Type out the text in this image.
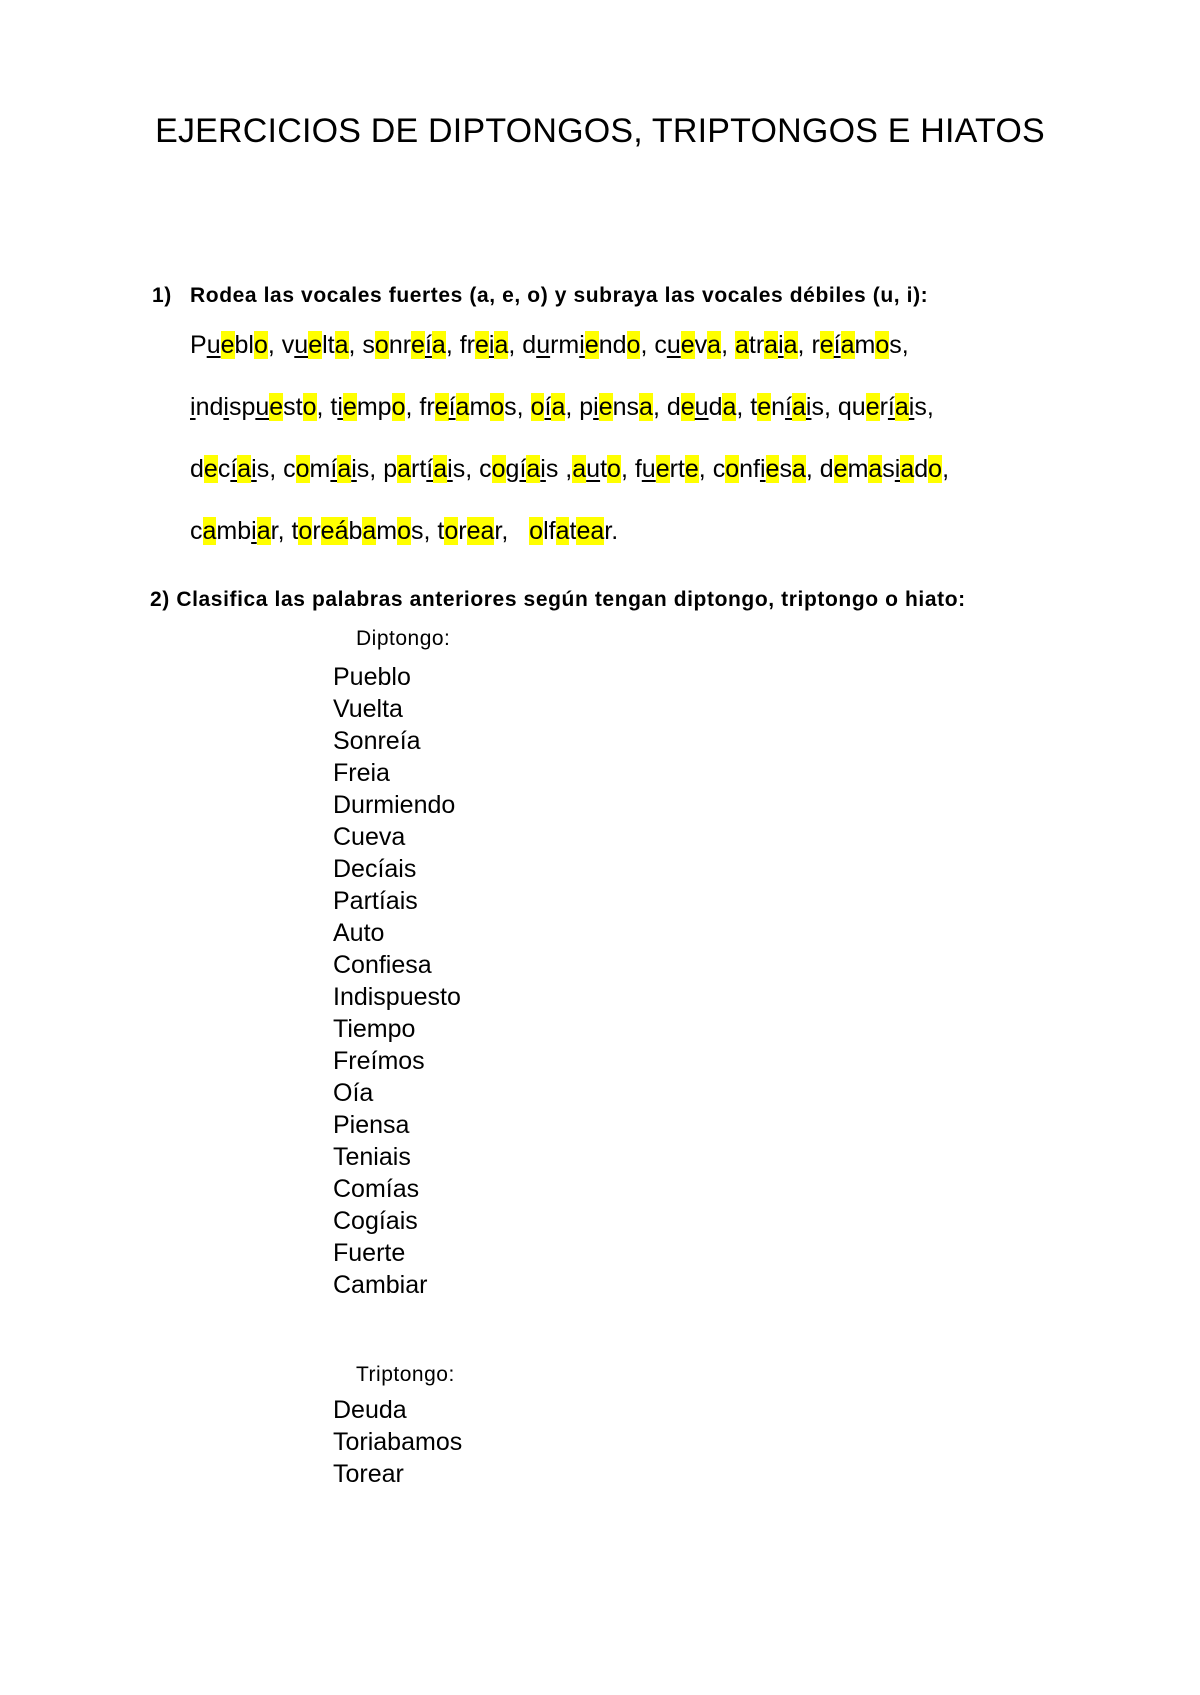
EJERCICIOS DE DIPTONGOS, TRIPTONGOS E HIATOS
1) Rodea las vocales fuertes (a, e, o) y subraya las vocales débiles (u, i):
Pueblo, vuelta, sonreía, freia, durmiendo, cueva, atraia, reíamos,
indispuesto, tiempo, freíamos, oía, piensa, deuda, teníais, queríais,
decíais, comíais, partíais, cogíais ,auto, fuerte, confiesa, demasiado,
cambiar, toreábamos, torear,   olfatear.
2) Clasifica las palabras anteriores según tengan diptongo, triptongo o hiato:
Diptongo:
Pueblo
Vuelta
Sonreía
Freia
Durmiendo
Cueva
Decíais
Partíais
Auto
Confiesa
Indispuesto
Tiempo
Freímos
Oía
Piensa
Teniais
Comías
Cogíais
Fuerte
Cambiar
Triptongo:
Deuda
Toriabamos
Torear
